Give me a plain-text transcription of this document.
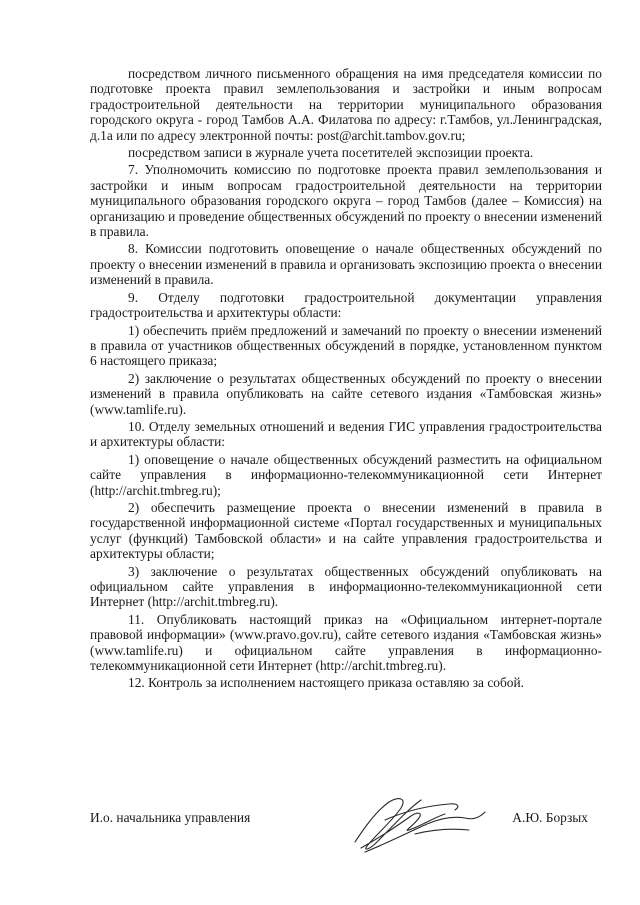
посредством личного письменного обращения на имя председателя комиссии по подготовке проекта правил землепользования и застройки и иным вопросам градостроительной деятельности на территории муниципального образования городского округа - город Тамбов А.А. Филатова по адресу: г.Тамбов, ул.Ленинградская, д.1а или по адресу электронной почты: post@archit.tambov.gov.ru;

посредством записи в журнале учета посетителей экспозиции проекта.

7. Уполномочить комиссию по подготовке проекта правил землепользования и застройки и иным вопросам градостроительной деятельности на территории муниципального образования городского округа – город Тамбов (далее – Комиссия) на организацию и проведение общественных обсуждений по проекту о внесении изменений в правила.

8. Комиссии подготовить оповещение о начале общественных обсуждений по проекту о внесении изменений в правила и организовать экспозицию проекта о внесении изменений в правила.

9. Отделу подготовки градостроительной документации управления градостроительства и архитектуры области:

1) обеспечить приём предложений и замечаний по проекту о внесении изменений в правила от участников общественных обсуждений в порядке, установленном пунктом 6 настоящего приказа;

2) заключение о результатах общественных обсуждений по проекту о внесении изменений в правила опубликовать на сайте сетевого издания «Тамбовская жизнь» (www.tamlife.ru).

10. Отделу земельных отношений и ведения ГИС управления градостроительства и архитектуры области:

1) оповещение о начале общественных обсуждений разместить на официальном сайте управления в информационно-телекоммуникационной сети Интернет (http://archit.tmbreg.ru);

2) обеспечить размещение проекта о внесении изменений в правила в государственной информационной системе «Портал государственных и муниципальных услуг (функций) Тамбовской области» и на сайте управления градостроительства и архитектуры области;

3) заключение о результатах общественных обсуждений опубликовать на официальном сайте управления в информационно-телекоммуникационной сети Интернет (http://archit.tmbreg.ru).

11. Опубликовать настоящий приказ на «Официальном интернет-портале правовой информации» (www.pravo.gov.ru), сайте сетевого издания «Тамбовская жизнь» (www.tamlife.ru) и официальном сайте управления в информационно-телекоммуникационной сети Интернет (http://archit.tmbreg.ru).

12. Контроль за исполнением настоящего приказа оставляю за собой.

И.о. начальника управления	А.Ю. Борзых
